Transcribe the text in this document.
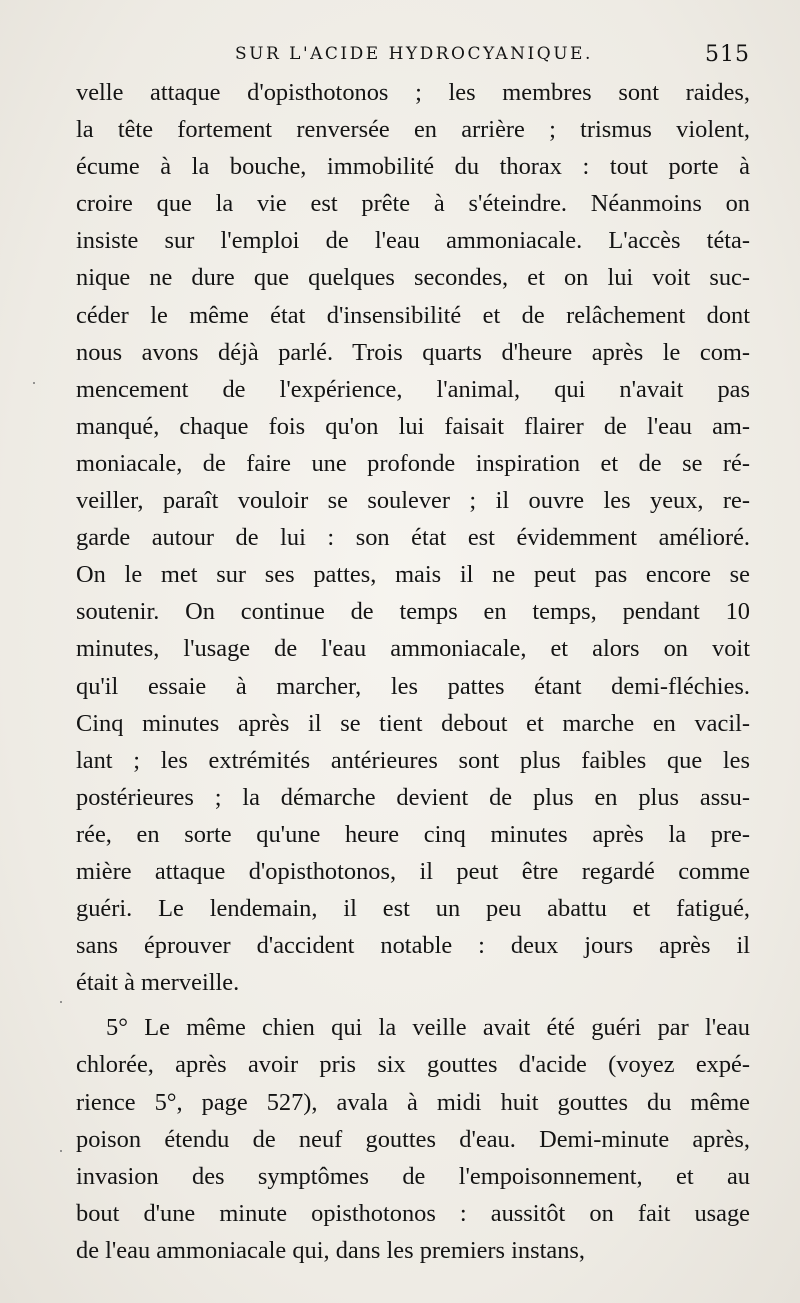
SUR L'ACIDE HYDROCYANIQUE.	515
velle attaque d'opisthotonos ; les membres sont raides,
la tête fortement renversée en arrière ; trismus violent,
écume à la bouche, immobilité du thorax : tout porte à
croire que la vie est prête à s'éteindre. Néanmoins on
insiste sur l'emploi de l'eau ammoniacale. L'accès téta-
nique ne dure que quelques secondes, et on lui voit suc-
céder le même état d'insensibilité et de relâchement dont
nous avons déjà parlé. Trois quarts d'heure après le com-
mencement de l'expérience, l'animal, qui n'avait pas
manqué, chaque fois qu'on lui faisait flairer de l'eau am-
moniacale, de faire une profonde inspiration et de se ré-
veiller, paraît vouloir se soulever ; il ouvre les yeux, re-
garde autour de lui : son état est évidemment amélioré.
On le met sur ses pattes, mais il ne peut pas encore se
soutenir. On continue de temps en temps, pendant 10
minutes, l'usage de l'eau ammoniacale, et alors on voit
qu'il essaie à marcher, les pattes étant demi-fléchies.
Cinq minutes après il se tient debout et marche en vacil-
lant ; les extrémités antérieures sont plus faibles que les
postérieures ; la démarche devient de plus en plus assu-
rée, en sorte qu'une heure cinq minutes après la pre-
mière attaque d'opisthotonos, il peut être regardé comme
guéri. Le lendemain, il est un peu abattu et fatigué,
sans éprouver d'accident notable : deux jours après il
était à merveille.
5° Le même chien qui la veille avait été guéri par l'eau
chlorée, après avoir pris six gouttes d'acide (voyez expé-
rience 5°, page 527), avala à midi huit gouttes du même
poison étendu de neuf gouttes d'eau. Demi-minute après,
invasion des symptômes de l'empoisonnement, et au
bout d'une minute opisthotonos : aussitôt on fait usage
de l'eau ammoniacale qui, dans les premiers instans,
